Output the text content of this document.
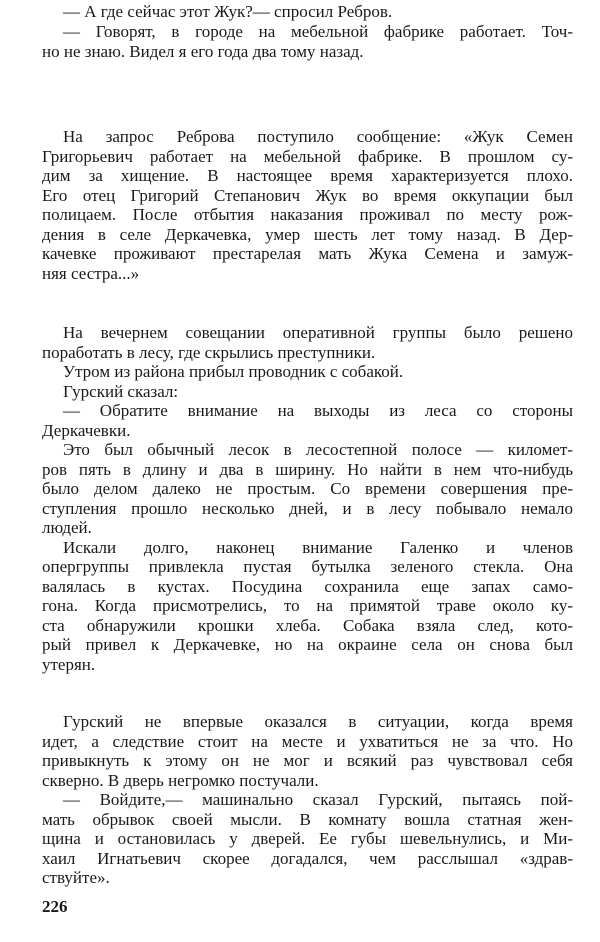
— А где сейчас этот Жук?— спросил Ребров.
— Говорят, в городе на мебельной фабрике работает. Точ-
но не знаю. Видел я его года два тому назад.
На запрос Реброва поступило сообщение: «Жук Семен
Григорьевич работает на мебельной фабрике. В прошлом су-
дим за хищение. В настоящее время характеризуется плохо.
Его отец Григорий Степанович Жук во время оккупации был
полицаем. После отбытия наказания проживал по месту рож-
дения в селе Деркачевка, умер шесть лет тому назад. В Дер-
качевке проживают престарелая мать Жука Семена и замуж-
няя сестра...»
На вечернем совещании оперативной группы было решено
поработать в лесу, где скрылись преступники.
Утром из района прибыл проводник с собакой.
Гурский сказал:
— Обратите внимание на выходы из леса со стороны
Деркачевки.
Это был обычный лесок в лесостепной полосе — километ-
ров пять в длину и два в ширину. Но найти в нем что-нибудь
было делом далеко не простым. Со времени совершения пре-
ступления прошло несколько дней, и в лесу побывало немало
людей.
Искали долго, наконец внимание Галенко и членов
опергруппы привлекла пустая бутылка зеленого стекла. Она
валялась в кустах. Посудина сохранила еще запах само-
гона. Когда присмотрелись, то на примятой траве около ку-
ста обнаружили крошки хлеба. Собака взяла след, кото-
рый привел к Деркачевке, но на окраине села он снова был
утерян.
Гурский не впервые оказался в ситуации, когда время
идет, а следствие стоит на месте и ухватиться не за что. Но
привыкнуть к этому он не мог и всякий раз чувствовал себя
скверно. В дверь негромко постучали.
— Войдите,— машинально сказал Гурский, пытаясь пой-
мать обрывок своей мысли. В комнату вошла статная жен-
щина и остановилась у дверей. Ее губы шевельнулись, и Ми-
хаил Игнатьевич скорее догадался, чем расслышал «здрав-
ствуйте».
226
